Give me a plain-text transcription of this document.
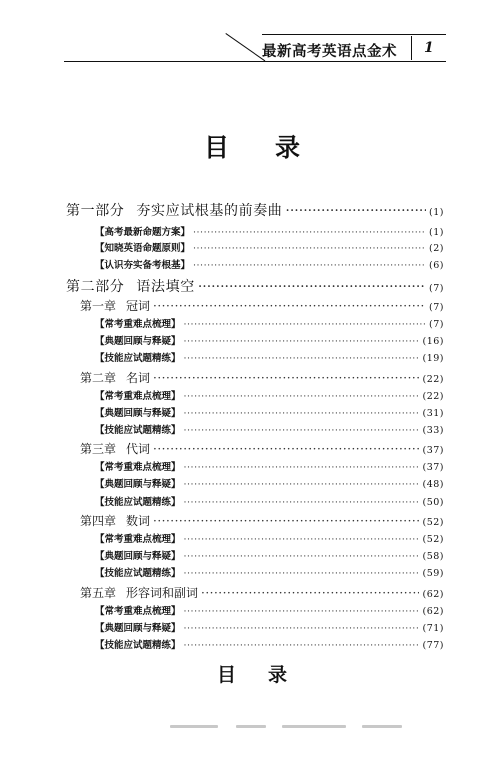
最新高考英语点金术 1
目录
第一部分 夯实应试根基的前奏曲 ·····	(1)
【高考最新命题方案】 ·····	(1)
【知晓英语命题原则】 ·····	(2)
【认识夯实备考根基】 ·····	(6)
第二部分 语法填空 ·····	(7)
第一章 冠词 ·····	(7)
【常考重难点梳理】 ·····	(7)
【典题回顾与释疑】 ·····	(16)
【技能应试题精练】 ·····	(19)
第二章 名词 ·····	(22)
【常考重难点梳理】 ·····	(22)
【典题回顾与释疑】 ·····	(31)
【技能应试题精练】 ·····	(33)
第三章 代词 ·····	(37)
【常考重难点梳理】 ·····	(37)
【典题回顾与释疑】 ·····	(48)
【技能应试题精练】 ·····	(50)
第四章 数词 ·····	(52)
【常考重难点梳理】 ·····	(52)
【典题回顾与释疑】 ·····	(58)
【技能应试题精练】 ·····	(59)
第五章 形容词和副词 ·····	(62)
【常考重难点梳理】 ·····	(62)
【典题回顾与释疑】 ·····	(71)
【技能应试题精练】 ·····	(77)
目录
